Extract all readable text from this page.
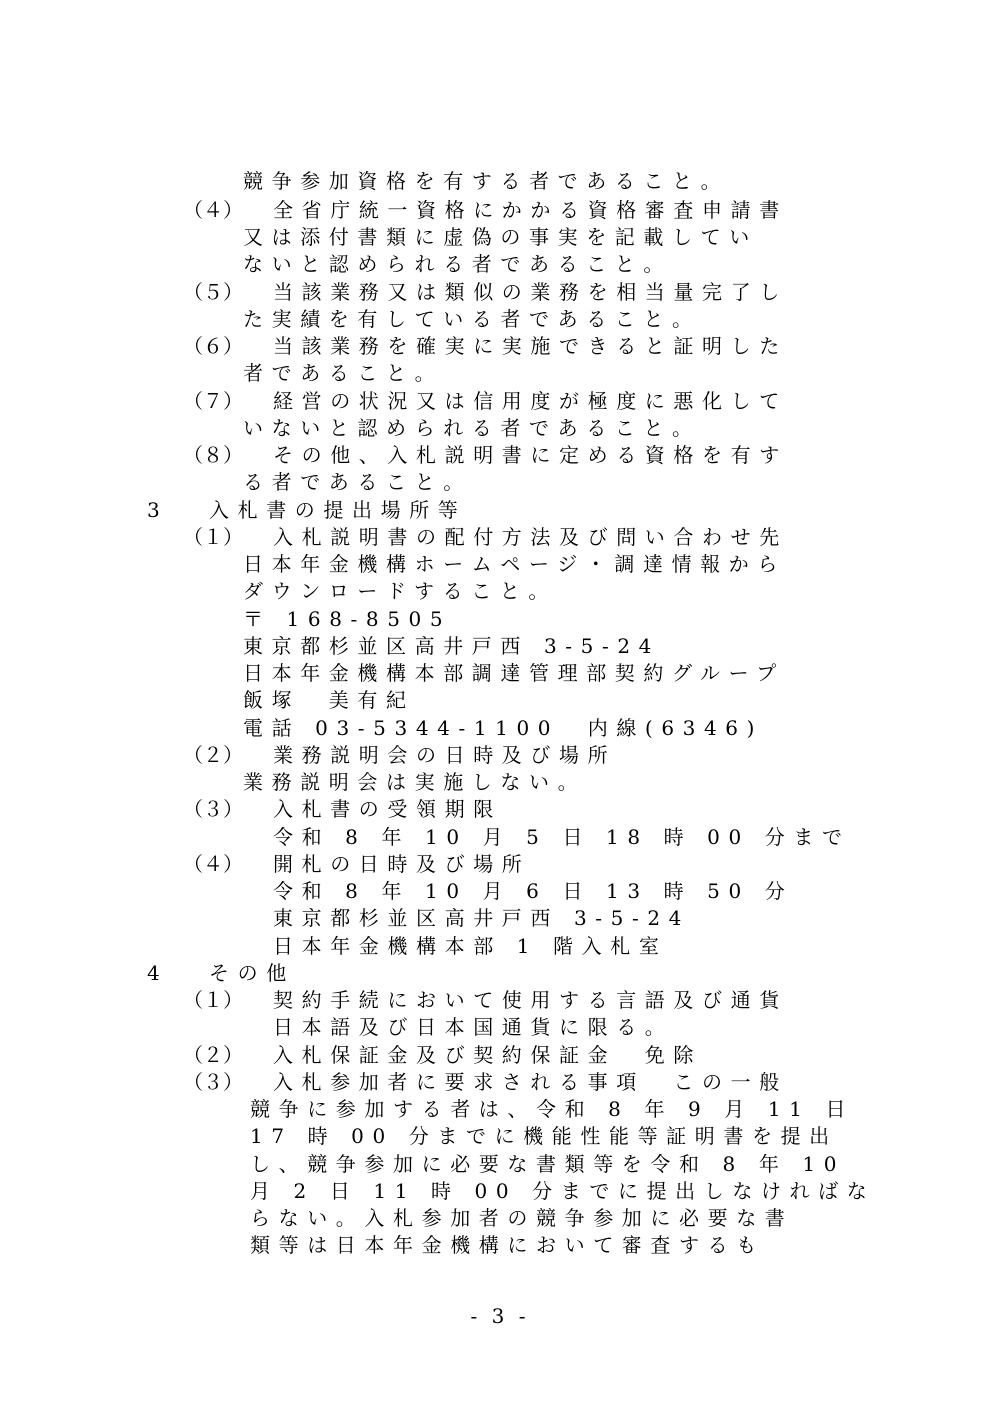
競争参加資格を有する者であること。
（４） 全省庁統一資格にかかる資格審査申請書
又は添付書類に虚偽の事実を記載してい
ないと認められる者であること。
（５） 当該業務又は類似の業務を相当量完了し
た実績を有している者であること。
（６） 当該業務を確実に実施できると証明した
者であること。
（７） 経営の状況又は信用度が極度に悪化して
いないと認められる者であること。
（８） その他、入札説明書に定める資格を有す
る者であること。
3 入札書の提出場所等
（１） 入札説明書の配付方法及び問い合わせ先
日本年金機構ホームページ・調達情報から
ダウンロードすること。
〒 168-8505
東京都杉並区高井戸西 3-5-24
日本年金機構本部調達管理部契約グループ
飯塚　美有紀
電話 03-5344-1100　内線(6346)
（２） 業務説明会の日時及び場所
業務説明会は実施しない。
（３） 入札書の受領期限
令和 8 年 10 月 5 日 18 時 00 分まで
（４） 開札の日時及び場所
令和 8 年 10 月 6 日 13 時 50 分
東京都杉並区高井戸西 3-5-24
日本年金機構本部 1 階入札室
4 その他
（１） 契約手続において使用する言語及び通貨
日本語及び日本国通貨に限る。
（２） 入札保証金及び契約保証金　免除
（３） 入札参加者に要求される事項　この一般
競争に参加する者は、令和 8 年 9 月 11 日
17 時 00 分までに機能性能等証明書を提出
し、競争参加に必要な書類等を令和 8 年 10
月 2 日 11 時 00 分までに提出しなければな
らない。入札参加者の競争参加に必要な書
類等は日本年金機構において審査するも
- 3 -
